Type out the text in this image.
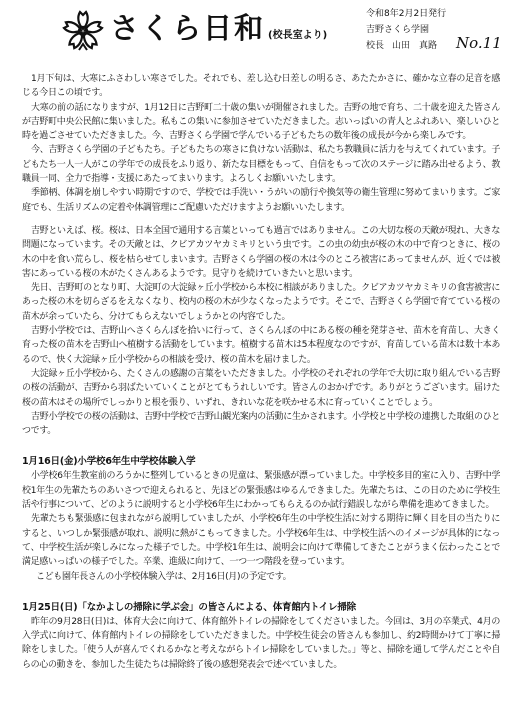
さくら日和 (校長室より)
令和8年2月2日発行
吉野さくら学園
校長 山田　真路	No.11

1月下旬は、大寒にふさわしい寒さでした。それでも、差し込む日差しの明るさ、あたたかさに、確かな立春の足音を感じる今日この頃です。

大寒の前の話になりますが、1月12日に吉野町二十歳の集いが開催されました。吉野の地で育ち、二十歳を迎えた皆さんが吉野町中央公民館に集いました。私もこの集いに参加させていただきました。志いっぱいの青人とふれあい、楽しいひと時を過ごさせていただきました。今、吉野さくら学園で学んでいる子どもたちの数年後の成長が今から楽しみです。

今、吉野さくら学園の子どもたち。子どもたちの寒さに負けない活動は、私たち教職員に活力を与えてくれています。子どもたち一人一人がこの学年での成長をふり返り、新たな目標をもって、自信をもって次のステージに踏み出せるよう、教職員一同、全力で指導・支援にあたってまいります。よろしくお願いいたします。

季節柄、体調を崩しやすい時期ですので、学校では手洗い・うがいの励行や換気等の衛生管理に努めてまいります。ご家庭でも、生活リズムの定着や体調管理にご配慮いただけますようお願いいたします。

吉野といえば、桜。桜は、日本全国で通用する言葉といっても過言ではありません。この大切な桜の天敵が現れ、大きな問題になっています。その天敵とは、クビアカツヤカミキリという虫です。この虫の幼虫が桜の木の中で育つときに、桜の木の中を食い荒らし、桜を枯らせてしまいます。吉野さくら学園の桜の木は今のところ被害にあってませんが、近くでは被害にあっている桜の木がたくさんあるようです。見守りを続けていきたいと思います。

先日、吉野町のとなり町、大淀町の大淀緑ヶ丘小学校から本校に相談がありました。クビアカツヤカミキリの食害被害にあった桜の木を切らざるをえなくなり、校内の桜の木が少なくなったようです。そこで、吉野さくら学園で育てている桜の苗木が余っていたら、分けてもらえないでしょうかとの内容でした。

吉野小学校では、吉野山へさくらんぼを拾いに行って、さくらんぼの中にある桜の種を発芽させ、苗木を育苗し、大きく育った桜の苗木を吉野山へ植樹する活動をしています。植樹する苗木は5本程度なのですが、育苗している苗木は数十本あるので、快く大淀緑ヶ丘小学校からの相談を受け、桜の苗木を届けました。

大淀緑ヶ丘小学校から、たくさんの感謝の言葉をいただきました。小学校のそれぞれの学年で大切に取り組んでいる吉野の桜の活動が、吉野から羽ばたいていくことがとてもうれしいです。皆さんのおかげです。ありがとうございます。届けた桜の苗木はその場所でしっかりと根を張り、いずれ、きれいな花を咲かせる木に育っていくことでしょう。

吉野小学校での桜の活動は、吉野中学校で吉野山観光案内の活動に生かされます。小学校と中学校の連携した取組のひとつです。

1月16日(金)小学校6年生中学校体験入学

小学校6年生教室前のろうかに整列しているときの児童は、緊張感が漂っていました。中学校多目的室に入り、吉野中学校1年生の先輩たちのあいさつで迎えられると、先ほどの緊張感はゆるんできました。先輩たちは、この日のために学校生活や行事について、どのように説明すると小学校6年生にわかってもらえるのか試行錯誤しながら準備を進めてきました。

先輩たちも緊張感に包まれながら説明していましたが、小学校6年生の中学校生活に対する期待に輝く目を目の当たりにすると、いつしか緊張感が取れ、説明に熱がこもってきました。小学校6年生は、中学校生活へのイメージが具体的になって、中学校生活が楽しみになった様子でした。中学校1年生は、説明会に向けて準備してきたことがうまく伝わったことで満足感いっぱいの様子でした。卒業、進級に向けて、一つ一つ階段を登っています。

こども園年長さんの小学校体験入学は、2月16日(月)の予定です。

1月25日(日)「なかよしの掃除に学ぶ会」の皆さんによる、体育館内トイレ掃除

昨年の9月28日(日)は、体育大会に向けて、体育館外トイレの掃除をしてくださいました。今回は、3月の卒業式、4月の入学式に向けて、体育館内トイレの掃除をしていただきました。中学校生徒会の皆さんも参加し、約2時間かけて丁寧に掃除をしました。「使う人が喜んでくれるかなと考えながらトイレ掃除をしていました。」等と、掃除を通して学んだことや自らの心の動きを、参加した生徒たちは掃除終了後の感想発表会で述べていました。
